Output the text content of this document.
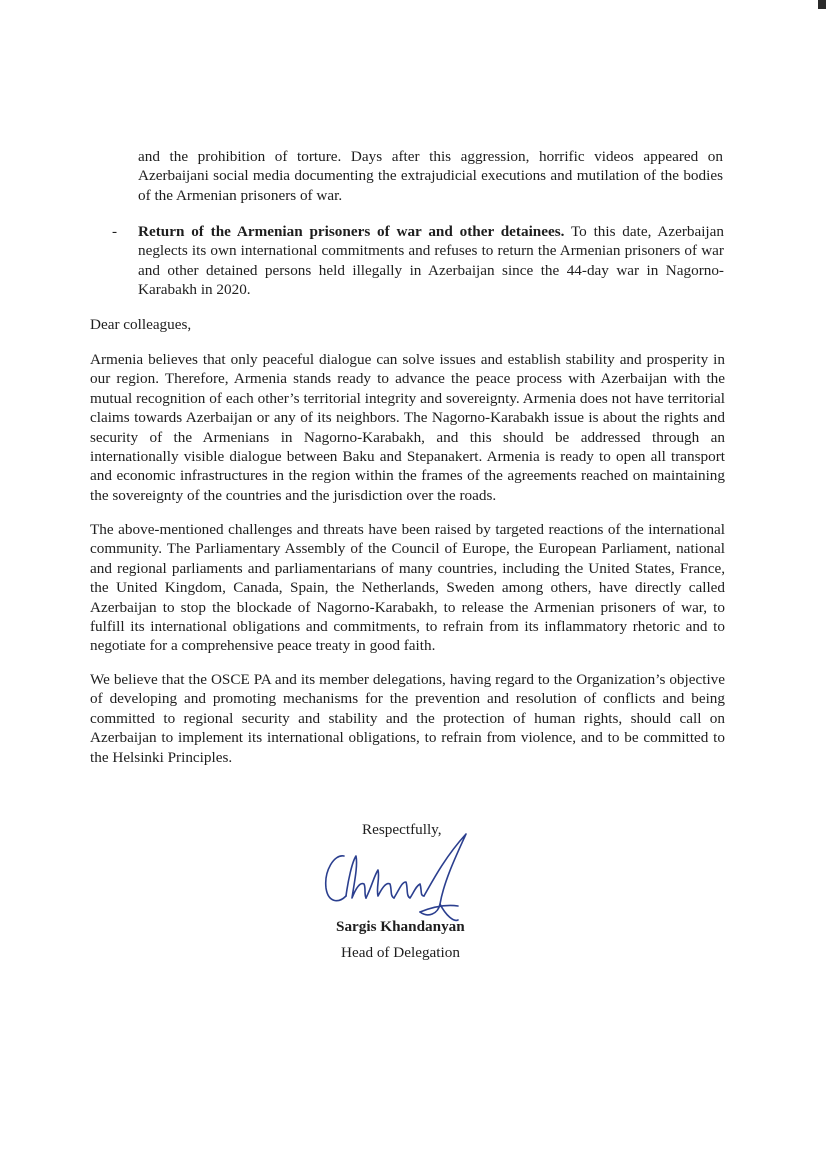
and the prohibition of torture. Days after this aggression, horrific videos appeared on Azerbaijani social media documenting the extrajudicial executions and mutilation of the bodies of the Armenian prisoners of war.

- Return of the Armenian prisoners of war and other detainees. To this date, Azerbaijan neglects its own international commitments and refuses to return the Armenian prisoners of war and other detained persons held illegally in Azerbaijan since the 44-day war in Nagorno-Karabakh in 2020.

Dear colleagues,

Armenia believes that only peaceful dialogue can solve issues and establish stability and prosperity in our region. Therefore, Armenia stands ready to advance the peace process with Azerbaijan with the mutual recognition of each other’s territorial integrity and sovereignty. Armenia does not have territorial claims towards Azerbaijan or any of its neighbors. The Nagorno-Karabakh issue is about the rights and security of the Armenians in Nagorno-Karabakh, and this should be addressed through an internationally visible dialogue between Baku and Stepanakert. Armenia is ready to open all transport and economic infrastructures in the region within the frames of the agreements reached on maintaining the sovereignty of the countries and the jurisdiction over the roads.

The above-mentioned challenges and threats have been raised by targeted reactions of the international community. The Parliamentary Assembly of the Council of Europe, the European Parliament, national and regional parliaments and parliamentarians of many countries, including the United States, France, the United Kingdom, Canada, Spain, the Netherlands, Sweden among others, have directly called Azerbaijan to stop the blockade of Nagorno-Karabakh, to release the Armenian prisoners of war, to fulfill its international obligations and commitments, to refrain from its inflammatory rhetoric and to negotiate for a comprehensive peace treaty in good faith.

We believe that the OSCE PA and its member delegations, having regard to the Organization’s objective of developing and promoting mechanisms for the prevention and resolution of conflicts and being committed to regional security and stability and the protection of human rights, should call on Azerbaijan to implement its international obligations, to refrain from violence, and to be committed to the Helsinki Principles.

Respectfully,

Sargis Khandanyan

Head of Delegation
